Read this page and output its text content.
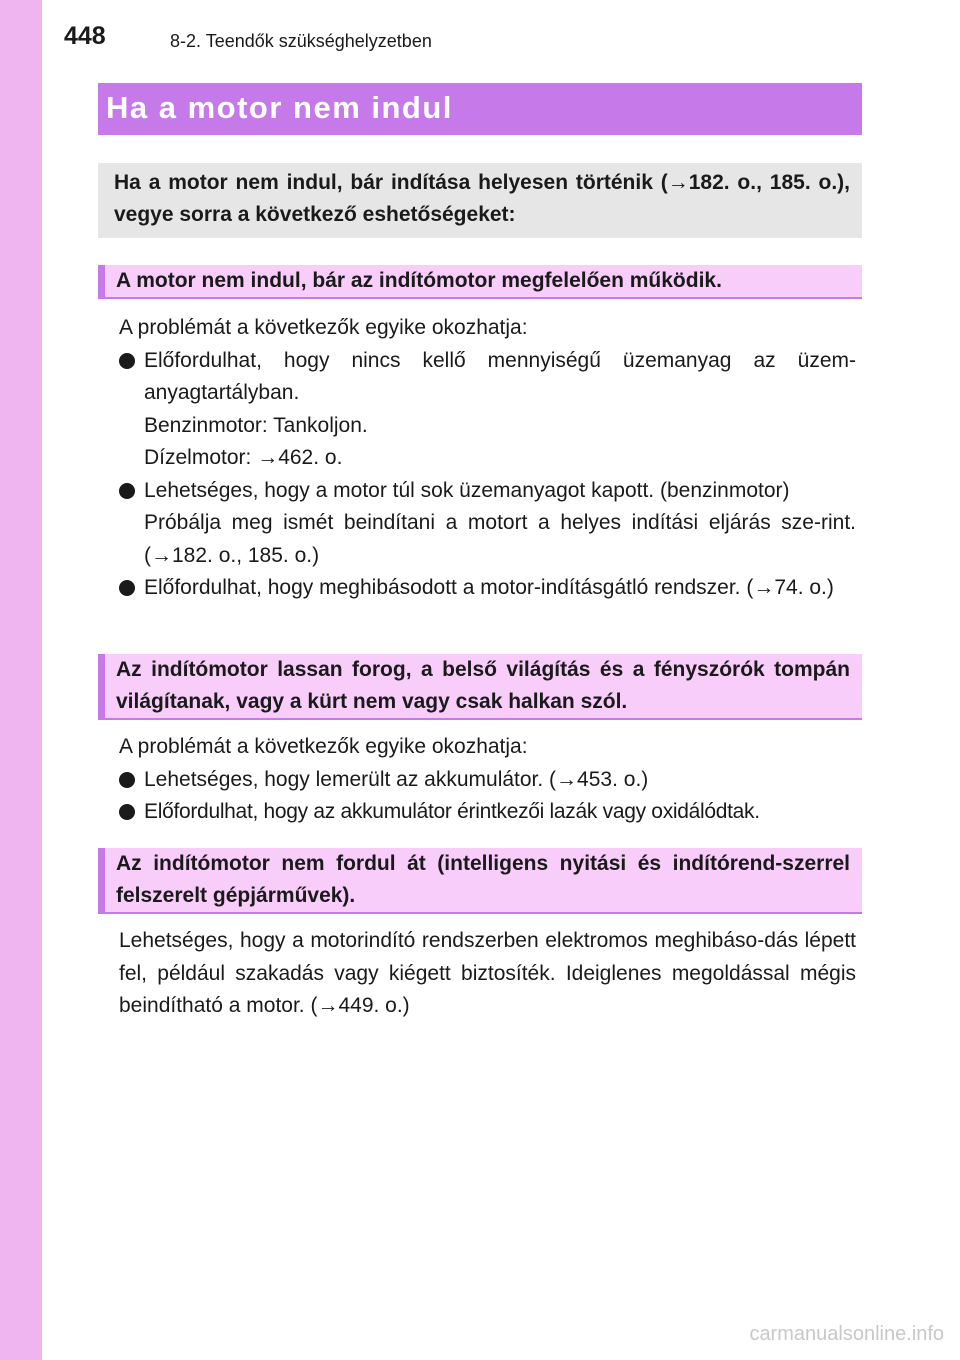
448	8-2. Teendők szükséghelyzetben
Ha a motor nem indul
Ha a motor nem indul, bár indítása helyesen történik (→182. o., 185. o.), vegye sorra a következő eshetőségeket:
A motor nem indul, bár az indítómotor megfelelően működik.
A problémát a következők egyike okozhatja:
Előfordulhat, hogy nincs kellő mennyiségű üzemanyag az üzem-anyagtartályban.
Benzinmotor: Tankoljon.
Dízelmotor: →462. o.
Lehetséges, hogy a motor túl sok üzemanyagot kapott. (benzinmotor)
Próbálja meg ismét beindítani a motort a helyes indítási eljárás sze-rint. (→182. o., 185. o.)
Előfordulhat, hogy meghibásodott a motor-indításgátló rendszer. (→74. o.)
Az indítómotor lassan forog, a belső világítás és a fényszórók tompán világítanak, vagy a kürt nem vagy csak halkan szól.
A problémát a következők egyike okozhatja:
Lehetséges, hogy lemerült az akkumulátor. (→453. o.)
Előfordulhat, hogy az akkumulátor érintkezői lazák vagy oxidálódtak.
Az indítómotor nem fordul át (intelligens nyitási és indítórend-szerrel felszerelt gépjárművek).
Lehetséges, hogy a motorindító rendszerben elektromos meghibáso-dás lépett fel, például szakadás vagy kiégett biztosíték. Ideiglenes megoldással mégis beindítható a motor. (→449. o.)
carmanualsonline.info
